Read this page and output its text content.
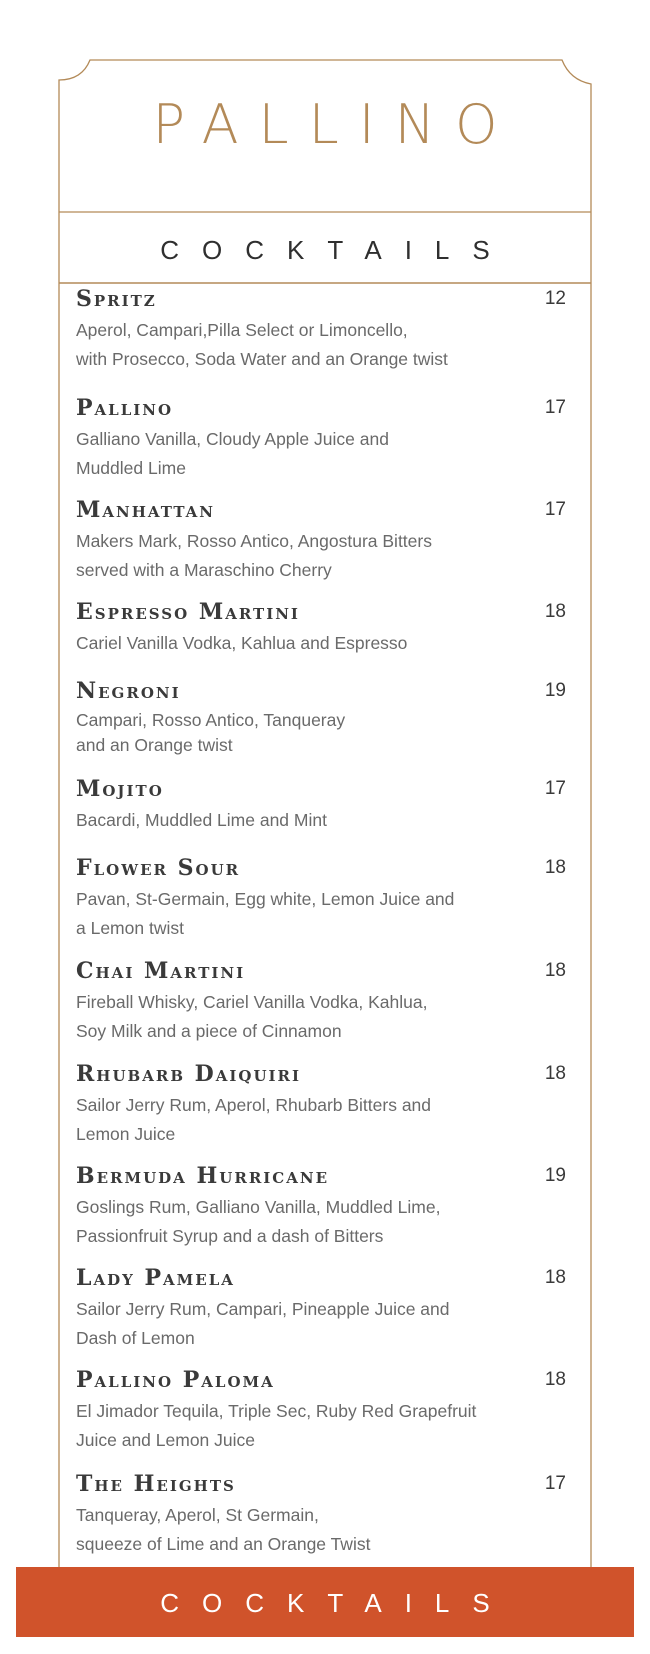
PALLINO
COCKTAILS
Spritz	12
Aperol, Campari,Pilla Select or Limoncello,
with Prosecco, Soda Water and an Orange twist
Pallino	17
Galliano Vanilla, Cloudy Apple Juice and
Muddled Lime
Manhattan	17
Makers Mark, Rosso Antico, Angostura Bitters
served with a Maraschino Cherry
Espresso Martini	18
Cariel Vanilla Vodka, Kahlua and Espresso
Negroni	19
Campari, Rosso Antico, Tanqueray
and an Orange twist
Mojito	17
Bacardi, Muddled Lime and Mint
Flower Sour	18
Pavan, St-Germain, Egg white, Lemon Juice and
a Lemon twist
Chai Martini	18
Fireball Whisky, Cariel Vanilla Vodka, Kahlua,
Soy Milk and a piece of Cinnamon
Rhubarb Daiquiri	18
Sailor Jerry Rum, Aperol, Rhubarb Bitters and
Lemon Juice
Bermuda Hurricane	19
Goslings Rum, Galliano Vanilla, Muddled Lime,
Passionfruit Syrup and a dash of Bitters
Lady Pamela	18
Sailor Jerry Rum, Campari, Pineapple Juice and
Dash of Lemon
Pallino Paloma	18
El Jimador Tequila, Triple Sec, Ruby Red Grapefruit
Juice and Lemon Juice
The Heights	17
Tanqueray, Aperol, St Germain,
squeeze of Lime and an Orange Twist
COCKTAILS
